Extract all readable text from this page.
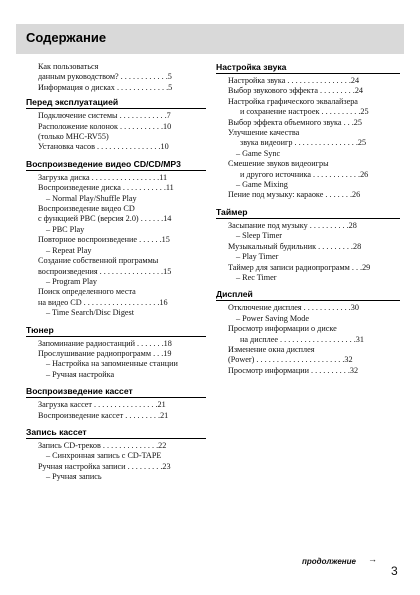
Содержание
Как пользоваться
данным руководством? . . . . . . . . . . . .5
Информация о дисках . . . . . . . . . . . . .5
Перед эксплуатацией
Подключение системы . . . . . . . . . . . .7
Расположение колонок . . . . . . . . . . .10
(только MHC-RV55)
Установка часов . . . . . . . . . . . . . . . .10
Воспроизведение видео CD/CD/MP3
Загрузка диска . . . . . . . . . . . . . . . . .11
Воспроизведение диска . . . . . . . . . . .11
– Normal Play/Shuffle Play
Воспроизведение видео CD
с функцией PBC (версия 2.0) . . . . . .14
– PBC Play
Повторное воспроизведение . . . . . .15
– Repeat Play
Создание собственной программы
воспроизведения . . . . . . . . . . . . . . . .15
– Program Play
Поиск определенного места
на видео CD . . . . . . . . . . . . . . . . . . .16
– Time Search/Disc Digest
Тюнер
Запоминание радиостанций . . . . . . .18
Прослушивание радиопрограмм . . .19
– Настройка на запомненные станции
– Ручная настройка
Воспроизведение кассет
Загрузка кассет . . . . . . . . . . . . . . . .21
Воспроизведение кассет . . . . . . . . .21
Запись кассет
Запись CD-треков . . . . . . . . . . . . . .22
– Синхронная запись с CD-TAPE
Ручная настройка записи . . . . . . . . .23
– Ручная запись
Настройка звука
Настройка звука . . . . . . . . . . . . . . . .24
Выбор звукового эффекта . . . . . . . . .24
Настройка графического эквалайзера
и сохранение настроек . . . . . . . . . .25
Выбор эффекта объемного звука . . .25
Улучшение качества
звука видеоигр . . . . . . . . . . . . . . . .25
– Game Sync
Смешение звуков видеоигры
и другого источника . . . . . . . . . . . .26
– Game Mixing
Пение под музыку: караоке . . . . . . .26
Таймер
Засыпание под музыку . . . . . . . . . .28
– Sleep Timer
Музыкальный будильник . . . . . . . . .28
– Play Timer
Таймер для записи радиопрограмм . . .29
– Rec Timer
Дисплей
Отключение дисплея . . . . . . . . . . . .30
– Power Saving Mode
Просмотр информации о диске
на дисплее . . . . . . . . . . . . . . . . . . .31
Изменение окна дисплея
(Power) . . . . . . . . . . . . . . . . . . . . . .32
Просмотр информации . . . . . . . . . .32
продолжение →
3
